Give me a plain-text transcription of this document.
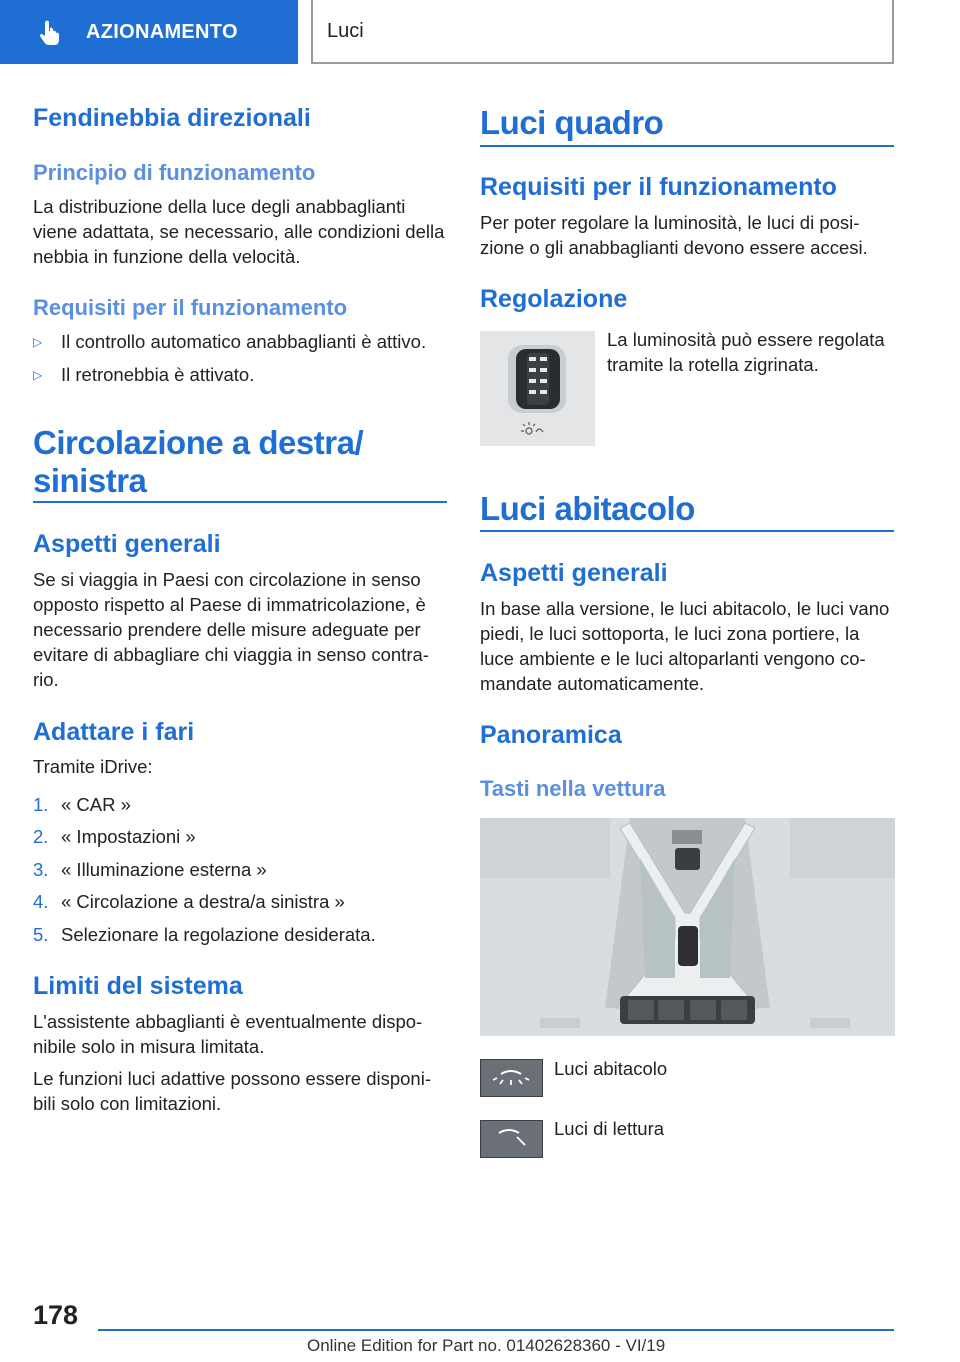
AZIONAMENTO	Luci
Fendinebbia direzionali
Principio di funzionamento

La distribuzione della luce degli anabbaglianti viene adattata, se necessario, alle condizioni della nebbia in funzione della velocità.

Requisiti per il funzionamento
▷ Il controllo automatico anabbaglianti è attivo.
▷ Il retronebbia è attivato.
Circolazione a destra/ sinistra
Aspetti generali

Se si viaggia in Paesi con circolazione in senso opposto rispetto al Paese di immatricolazione, è necessario prendere delle misure adeguate per evitare di abbagliare chi viaggia in senso contra-rio.

Adattare i fari

Tramite iDrive:

1. « CAR »
2. « Impostazioni »
3. « Illuminazione esterna »
4. « Circolazione a destra/a sinistra »
5. Selezionare la regolazione desiderata.
Limiti del sistema

L'assistente abbaglianti è eventualmente dispo-nibile solo in misura limitata.

Le funzioni luci adattive possono essere disponi-bili solo con limitazioni.

Luci quadro
Requisiti per il funzionamento

Per poter regolare la luminosità, le luci di posi-zione o gli anabbaglianti devono essere accesi.

Regolazione

La luminosità può essere regolata tramite la rotella zigrinata.

Luci abitacolo
Aspetti generali

In base alla versione, le luci abitacolo, le luci vano piedi, le luci sottoporta, le luci zona portiere, la luce ambiente e le luci altoparlanti vengono co-mandate automaticamente.

Panoramica
Tasti nella vettura

Luci abitacolo

Luci di lettura

178
Online Edition for Part no. 01402628360 - VI/19
